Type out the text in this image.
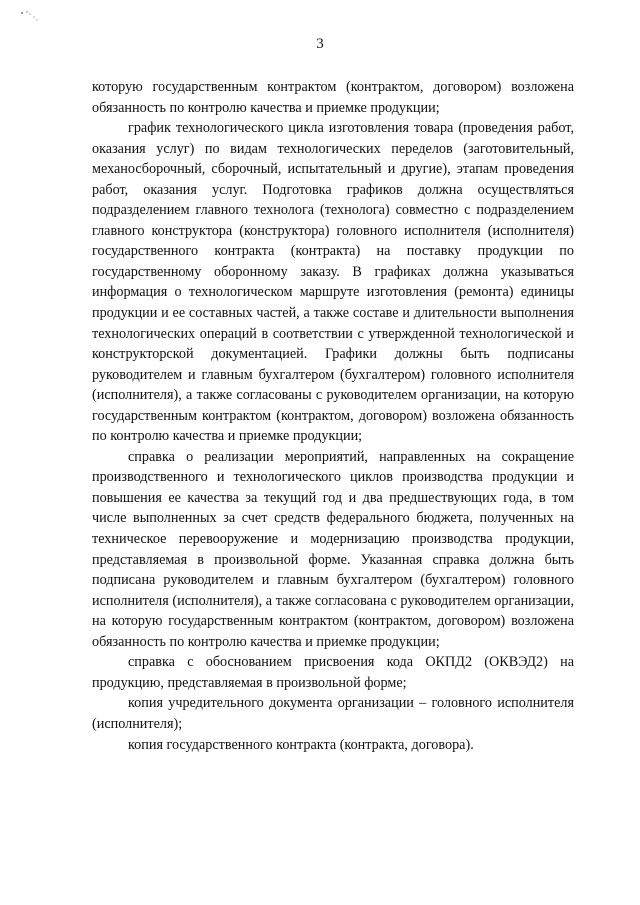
3

которую государственным контрактом (контрактом, договором) возложена обязанность по контролю качества и приемке продукции;

график технологического цикла изготовления товара (проведения работ, оказания услуг) по видам технологических переделов (заготовительный, механосборочный, сборочный, испытательный и другие), этапам проведения работ, оказания услуг. Подготовка графиков должна осуществляться подразделением главного технолога (технолога) совместно с подразделением главного конструктора (конструктора) головного исполнителя (исполнителя) государственного контракта (контракта) на поставку продукции по государственному оборонному заказу. В графиках должна указываться информация о технологическом маршруте изготовления (ремонта) единицы продукции и ее составных частей, а также составе и длительности выполнения технологических операций в соответствии с утвержденной технологической и конструкторской документацией. Графики должны быть подписаны руководителем и главным бухгалтером (бухгалтером) головного исполнителя (исполнителя), а также согласованы с руководителем организации, на которую государственным контрактом (контрактом, договором) возложена обязанность по контролю качества и приемке продукции;

справка о реализации мероприятий, направленных на сокращение производственного и технологического циклов производства продукции и повышения ее качества за текущий год и два предшествующих года, в том числе выполненных за счет средств федерального бюджета, полученных на техническое перевооружение и модернизацию производства продукции, представляемая в произвольной форме. Указанная справка должна быть подписана руководителем и главным бухгалтером (бухгалтером) головного исполнителя (исполнителя), а также согласована с руководителем организации, на которую государственным контрактом (контрактом, договором) возложена обязанность по контролю качества и приемке продукции;

справка с обоснованием присвоения кода ОКПД2 (ОКВЭД2) на продукцию, представляемая в произвольной форме;

копия учредительного документа организации – головного исполнителя (исполнителя);

копия государственного контракта (контракта, договора).
